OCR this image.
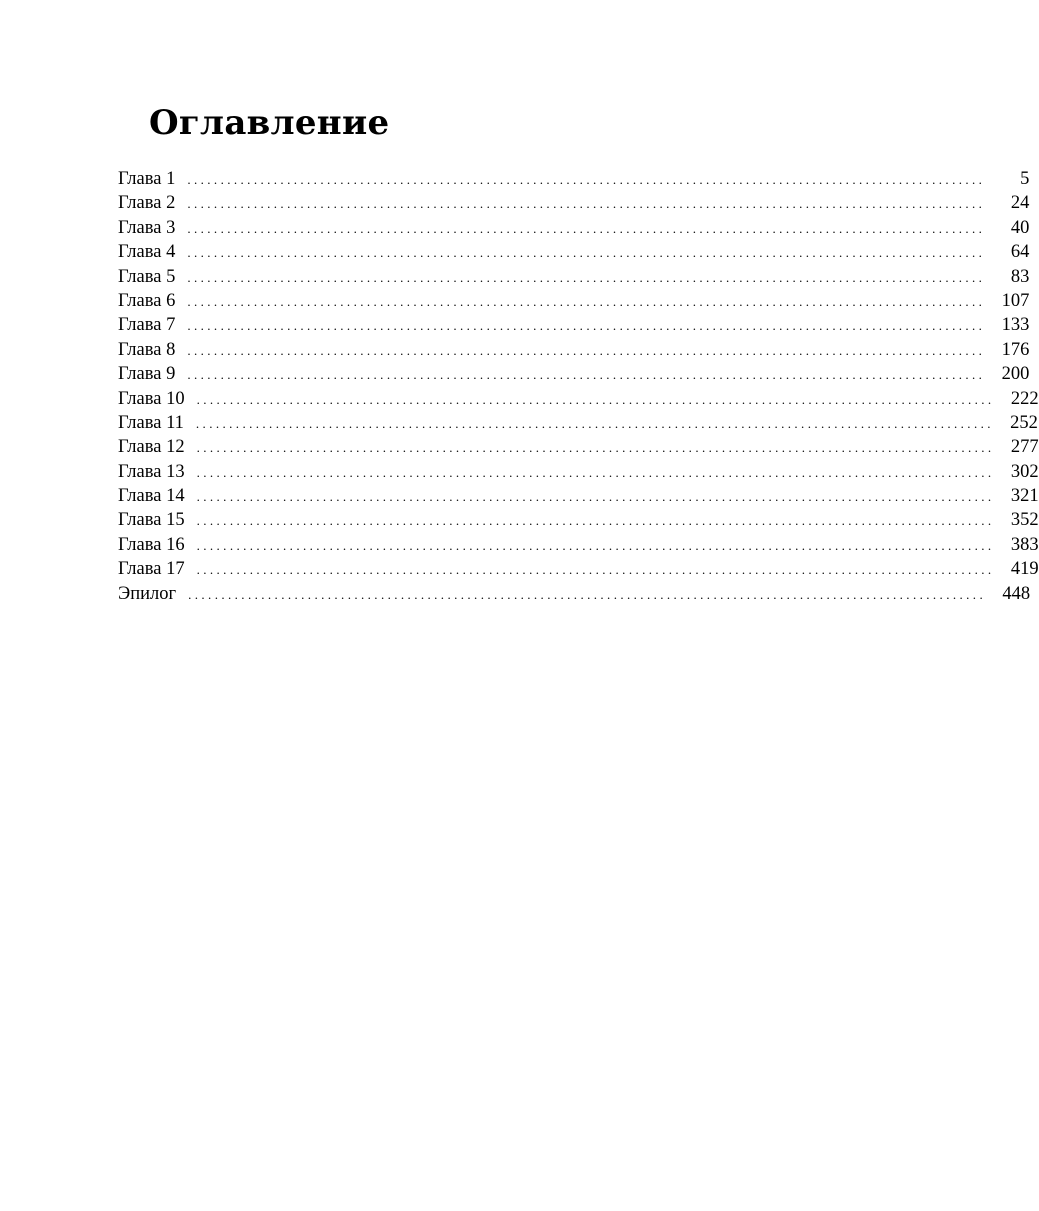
Оглавление
Глава 1 ........................................................................................................................	5
Глава 2 ........................................................................................................................	24
Глава 3 ........................................................................................................................	40
Глава 4 ........................................................................................................................	64
Глава 5 ........................................................................................................................	83
Глава 6 ........................................................................................................................ 107
Глава 7 ........................................................................................................................ 133
Глава 8 ........................................................................................................................ 176
Глава 9 ........................................................................................................................ 200
Глава 10 ........................................................................................................................ 222
Глава 11 ........................................................................................................................ 252
Глава 12 ........................................................................................................................ 277
Глава 13 ........................................................................................................................ 302
Глава 14 ........................................................................................................................ 321
Глава 15 ........................................................................................................................ 352
Глава 16 ........................................................................................................................ 383
Глава 17 ........................................................................................................................ 419
Эпилог ........................................................................................................................ 448
